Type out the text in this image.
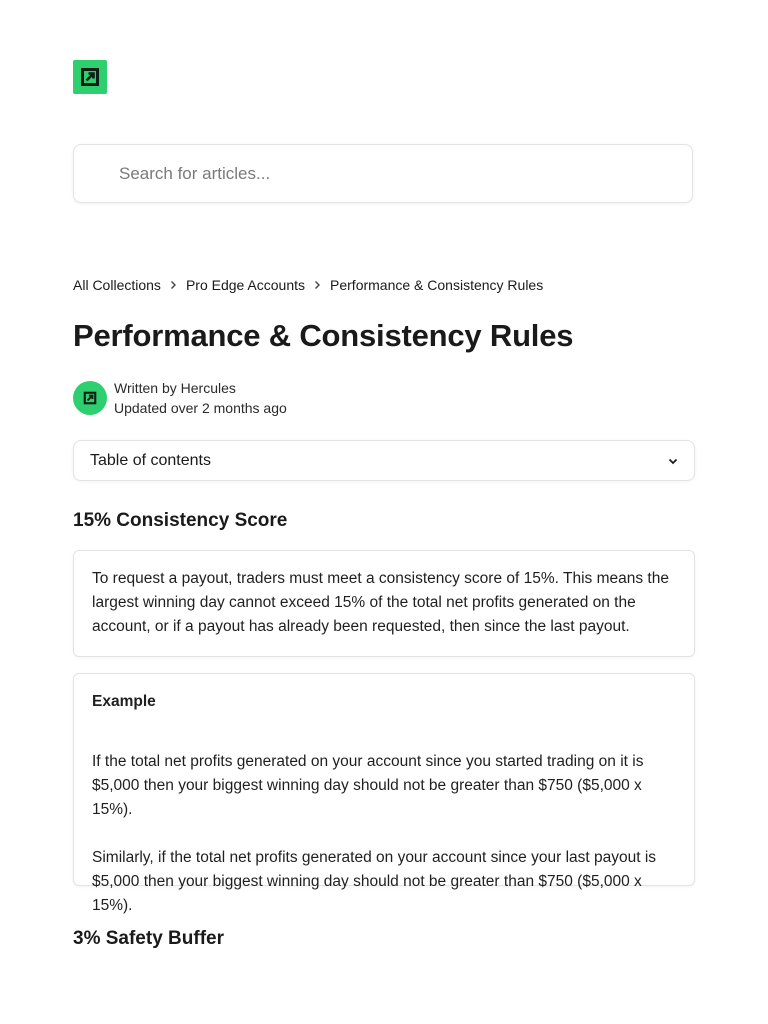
Search for articles...
All Collections Pro Edge Accounts Performance & Consistency Rules
Performance & Consistency Rules
Written by Hercules
Updated over 2 months ago
Table of contents
15% Consistency Score

To request a payout, traders must meet a consistency score of 15%. This means the largest winning day cannot exceed 15% of the total net profits generated on the account, or if a payout has already been requested, then since the last payout.

Example

If the total net profits generated on your account since you started trading on it is $5,000 then your biggest winning day should not be greater than $750 ($5,000 x 15%).

Similarly, if the total net profits generated on your account since your last payout is $5,000 then your biggest winning day should not be greater than $750 ($5,000 x 15%).

3% Safety Buffer
